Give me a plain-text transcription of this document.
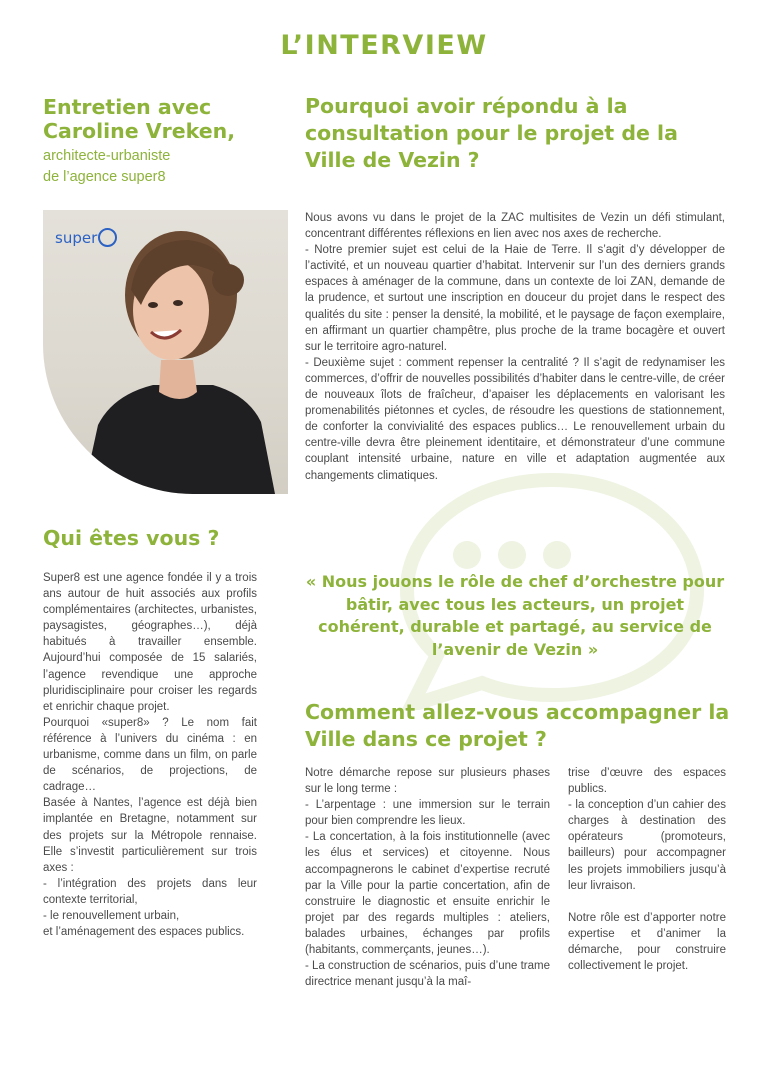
L’INTERVIEW
Entretien avec Caroline Vreken,
architecte-urbaniste
de l’agence super8
super
Qui êtes vous ?

Super8 est une agence fondée il y a trois ans autour de huit associés aux profils complémentaires (architectes, urbanistes, paysagistes, géographes…), déjà habitués à travailler ensemble. Aujourd’hui composée de 15 salariés, l’agence revendique une approche pluridisciplinaire pour croiser les regards et enrichir chaque projet.

Pourquoi «super8» ? Le nom fait référence à l’univers du cinéma : en urbanisme, comme dans un film, on parle de scénarios, de projections, de cadrage…

Basée à Nantes, l’agence est déjà bien implantée en Bretagne, notamment sur des projets sur la Métropole rennaise. Elle s’investit particulièrement sur trois axes :

- l’intégration des projets dans leur contexte territorial,

- le renouvellement urbain,

et l’aménagement des espaces publics.

Pourquoi avoir répondu à la consultation pour le projet de la Ville de Vezin ?

Nous avons vu dans le projet de la ZAC multisites de Vezin un défi stimulant, concentrant différentes réflexions en lien avec nos axes de recherche.

- Notre premier sujet est celui de la Haie de Terre. Il s’agit d’y développer de l’activité, et un nouveau quartier d’habitat. Intervenir sur l’un des derniers grands espaces à aménager de la commune, dans un contexte de loi ZAN, demande de la prudence, et surtout une inscription en douceur du projet dans le respect des qualités du site : penser la densité, la mobilité, et le paysage de façon exemplaire, en affirmant un quartier champêtre, plus proche de la trame bocagère et ouvert sur le territoire agro-naturel.

- Deuxième sujet : comment repenser la centralité ? Il s’agit de redynamiser les commerces, d’offrir de nouvelles possibilités d’habiter dans le centre-ville, de créer de nouveaux îlots de fraîcheur, d’apaiser les déplacements en valorisant les promenabilités piétonnes et cycles, de résoudre les questions de stationnement, de conforter la convivialité des espaces publics… Le renouvellement urbain du centre-ville devra être pleinement identitaire, et démonstrateur d’une commune couplant intensité urbaine, nature en ville et adaptation augmentée aux changements climatiques.

« Nous jouons le rôle de chef d’orchestre pour bâtir, avec tous les acteurs, un projet cohérent, durable et partagé, au service de l’avenir de Vezin »
Comment allez-vous accompagner la Ville dans ce projet ?

Notre démarche repose sur plusieurs phases sur le long terme :

- L’arpentage : une immersion sur le terrain pour bien comprendre les lieux.

- La concertation, à la fois institutionnelle (avec les élus et services) et citoyenne. Nous accompagnerons le cabinet d’expertise recruté par la Ville pour la partie concertation, afin de construire le diagnostic et ensuite enrichir le projet par des regards multiples : ateliers, balades urbaines, échanges par profils (habitants, commerçants, jeunes…).

- La construction de scénarios, puis d’une trame directrice menant jusqu’à la maî-

trise d’œuvre des espaces publics.

- la conception d’un cahier des charges à destination des opérateurs (promoteurs, bailleurs) pour accompagner les projets immobiliers jusqu’à leur livraison.

Notre rôle est d’apporter notre expertise et d’animer la démarche, pour construire collectivement le projet.
